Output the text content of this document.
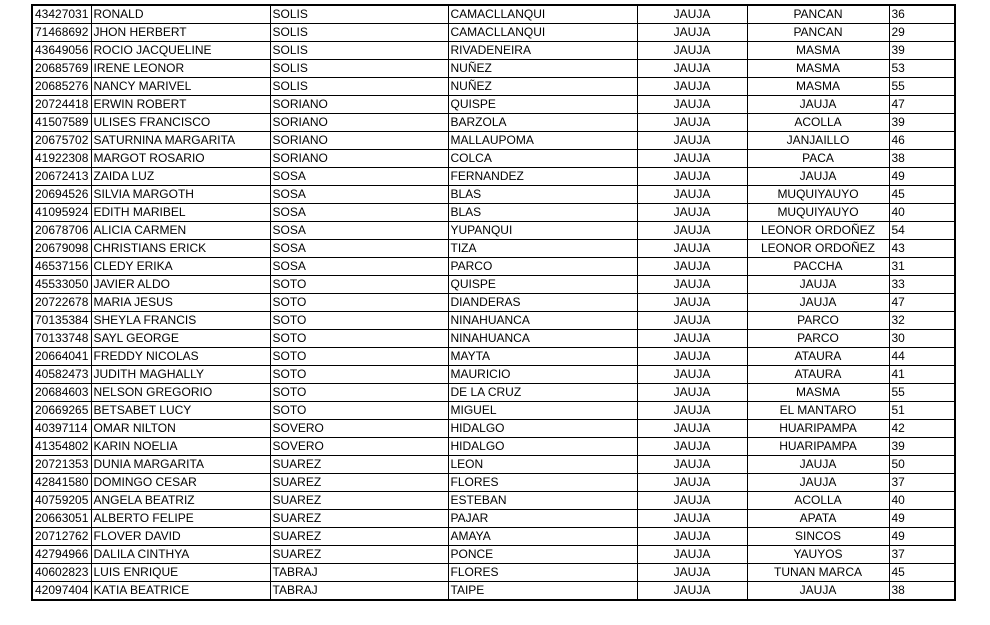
43427031	RONALD	SOLIS	CAMACLLANQUI	JAUJA	PANCAN	36
71468692	JHON HERBERT	SOLIS	CAMACLLANQUI	JAUJA	PANCAN	29
43649056	ROCIO JACQUELINE	SOLIS	RIVADENEIRA	JAUJA	MASMA	39
20685769	IRENE LEONOR	SOLIS	NUÑEZ	JAUJA	MASMA	53
20685276	NANCY MARIVEL	SOLIS	NUÑEZ	JAUJA	MASMA	55
20724418	ERWIN ROBERT	SORIANO	QUISPE	JAUJA	JAUJA	47
41507589	ULISES FRANCISCO	SORIANO	BARZOLA	JAUJA	ACOLLA	39
20675702	SATURNINA MARGARITA	SORIANO	MALLAUPOMA	JAUJA	JANJAILLO	46
41922308	MARGOT ROSARIO	SORIANO	COLCA	JAUJA	PACA	38
20672413	ZAIDA LUZ	SOSA	FERNANDEZ	JAUJA	JAUJA	49
20694526	SILVIA MARGOTH	SOSA	BLAS	JAUJA	MUQUIYAUYO	45
41095924	EDITH MARIBEL	SOSA	BLAS	JAUJA	MUQUIYAUYO	40
20678706	ALICIA CARMEN	SOSA	YUPANQUI	JAUJA	LEONOR ORDOÑEZ	54
20679098	CHRISTIANS ERICK	SOSA	TIZA	JAUJA	LEONOR ORDOÑEZ	43
46537156	CLEDY ERIKA	SOSA	PARCO	JAUJA	PACCHA	31
45533050	JAVIER ALDO	SOTO	QUISPE	JAUJA	JAUJA	33
20722678	MARIA JESUS	SOTO	DIANDERAS	JAUJA	JAUJA	47
70135384	SHEYLA FRANCIS	SOTO	NINAHUANCA	JAUJA	PARCO	32
70133748	SAYL GEORGE	SOTO	NINAHUANCA	JAUJA	PARCO	30
20664041	FREDDY NICOLAS	SOTO	MAYTA	JAUJA	ATAURA	44
40582473	JUDITH MAGHALLY	SOTO	MAURICIO	JAUJA	ATAURA	41
20684603	NELSON GREGORIO	SOTO	DE LA CRUZ	JAUJA	MASMA	55
20669265	BETSABET LUCY	SOTO	MIGUEL	JAUJA	EL MANTARO	51
40397114	OMAR NILTON	SOVERO	HIDALGO	JAUJA	HUARIPAMPA	42
41354802	KARIN NOELIA	SOVERO	HIDALGO	JAUJA	HUARIPAMPA	39
20721353	DUNIA MARGARITA	SUAREZ	LEON	JAUJA	JAUJA	50
42841580	DOMINGO CESAR	SUAREZ	FLORES	JAUJA	JAUJA	37
40759205	ANGELA BEATRIZ	SUAREZ	ESTEBAN	JAUJA	ACOLLA	40
20663051	ALBERTO FELIPE	SUAREZ	PAJAR	JAUJA	APATA	49
20712762	FLOVER DAVID	SUAREZ	AMAYA	JAUJA	SINCOS	49
42794966	DALILA CINTHYA	SUAREZ	PONCE	JAUJA	YAUYOS	37
40602823	LUIS ENRIQUE	TABRAJ	FLORES	JAUJA	TUNAN MARCA	45
42097404	KATIA BEATRICE	TABRAJ	TAIPE	JAUJA	JAUJA	38
